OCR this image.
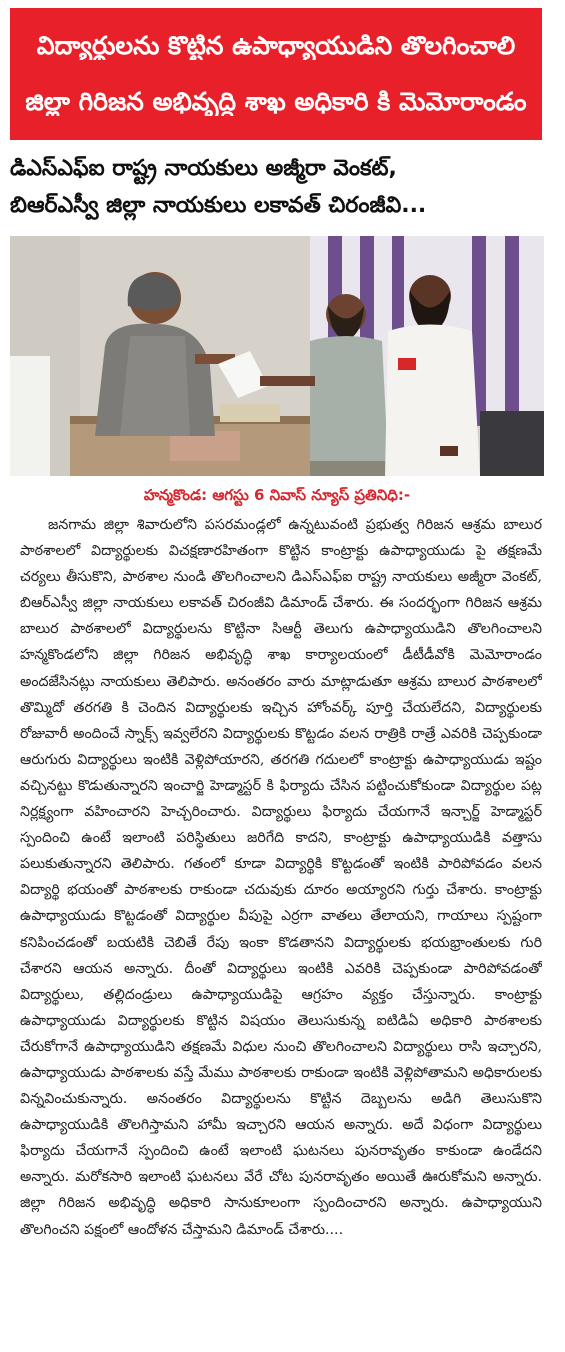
విద్యార్థులను కొట్టిన ఉపాధ్యాయుడిని తొలగించాలి
జిల్లా గిరిజన అభివృద్ధి శాఖ అధికారి కి మెమోరాండం
డిఎస్ఎఫ్ఐ రాష్ట్ర నాయకులు అజ్మీరా వెంకట్,
బిఆర్ఎస్వీ జిల్లా నాయకులు లకావత్ చిరంజీవి...
హన్మకొండ: ఆగస్టు 6 నివాస్ న్యూస్ ప్రతినిధి:-
జనగామ జిల్లా శివారులోని పసరమండ్లలో ఉన్నటువంటి ప్రభుత్వ గిరిజన ఆశ్రమ బాలుర పాఠశాలలో విద్యార్థులకు విచక్షణారహితంగా కొట్టిన కాంట్రాక్టు ఉపాధ్యాయుడు పై తక్షణమే చర్యలు తీసుకొని, పాఠశాల నుండి తొలగించాలని డిఎస్ఎఫ్ఐ రాష్ట్ర నాయకులు అజ్మీరా వెంకట్, బిఆర్ఎస్వీ జిల్లా నాయకులు లకావత్ చిరంజీవి డిమాండ్ చేశారు. ఈ సందర్భంగా గిరిజన ఆశ్రమ బాలుర పాఠశాలలో విద్యార్థులను కొట్టినా సిఆర్టీ తెలుగు ఉపాధ్యాయుడిని తొలగించాలని హన్మకొండలోని జిల్లా గిరిజన అభివృద్ధి శాఖ కార్యాలయంలో డీటీడీవోకి మెమోరాండం అందజేసినట్లు నాయకులు తెలిపారు. అనంతరం వారు మాట్లాడుతూ ఆశ్రమ బాలుర పాఠశాలలో తొమ్మిదో తరగతి కి చెందిన విద్యార్థులకు ఇచ్చిన హోంవర్క్ పూర్తి చేయలేదని, విద్యార్థులకు రోజువారీ అందించే స్నాక్స్ ఇవ్వలేరని విద్యార్థులకు కొట్టడం వలన రాత్రికి రాత్రే ఎవరికి చెప్పకుండా ఆరుగురు విద్యార్థులు ఇంటికి వెళ్లిపోయారని, తరగతి గదులలో కాంట్రాక్టు ఉపాధ్యాయుడు ఇష్టం వచ్చినట్టు కొడుతున్నారని ఇంచార్జి హెడ్మాస్టర్ కి ఫిర్యాదు చేసిన పట్టించుకోకుండా విద్యార్థుల పట్ల నిర్లక్ష్యంగా వహించారని హెచ్చరించారు. విద్యార్థులు ఫిర్యాదు చేయగానే ఇన్చార్జ్ హెడ్మాస్టర్ స్పందించి ఉంటే ఇలాంటి పరిస్థితులు జరిగేది కాదని, కాంట్రాక్టు ఉపాధ్యాయుడికి వత్తాసు పలుకుతున్నారని తెలిపారు. గతంలో కూడా విద్యార్థికి కొట్టడంతో ఇంటికి పారిపోవడం వలన విద్యార్థి భయంతో పాఠశాలకు రాకుండా చదువుకు దూరం అయ్యారని గుర్తు చేశారు. కాంట్రాక్టు ఉపాధ్యాయుడు కొట్టడంతో విద్యార్థుల వీపుపై ఎర్రగా వాతలు తేలాయని, గాయాలు స్పష్టంగా కనిపించడంతో బయటికి చెబితే రేపు ఇంకా కొడతానని విద్యార్థులకు భయభ్రాంతులకు గురి చేశారని ఆయన అన్నారు. దీంతో విద్యార్థులు ఇంటికి ఎవరికి చెప్పకుండా పారిపోవడంతో విద్యార్థులు, తల్లిదండ్రులు ఉపాధ్యాయుడిపై ఆగ్రహం వ్యక్తం చేస్తున్నారు. కాంట్రాక్టు ఉపాధ్యాయుడు విద్యార్థులకు కొట్టిన విషయం తెలుసుకున్న ఐటిడిఏ అధికారి పాఠశాలకు చేరుకోగానే ఉపాధ్యాయుడిని తక్షణమే విధుల నుంచి తొలగించాలని విద్యార్థులు రాసి ఇచ్చారని, ఉపాధ్యాయుడు పాఠశాలకు వస్తే మేము పాఠశాలకు రాకుండా ఇంటికి వెళ్లిపోతామని అధికారులకు విన్నవించుకున్నారు. అనంతరం విద్యార్థులను కొట్టిన దెబ్బలను అడిగి తెలుసుకొని ఉపాధ్యాయుడికి తొలగిస్తామని హామీ ఇచ్చారని ఆయన అన్నారు. అదే విధంగా విద్యార్థులు ఫిర్యాదు చేయగానే స్పందించి ఉంటే ఇలాంటి ఘటనలు పునరావృతం కాకుండా ఉండేదని అన్నారు. మరోకసారి ఇలాంటి ఘటనలు వేరే చోట పునరావృతం అయితే ఊరుకోమని అన్నారు. జిల్లా గిరిజన అభివృద్ధి అధికారి సానుకూలంగా స్పందించారని అన్నారు. ఉపాధ్యాయుని తొలగించని పక్షంలో ఆందోళన చేస్తామని డిమాండ్ చేశారు....
